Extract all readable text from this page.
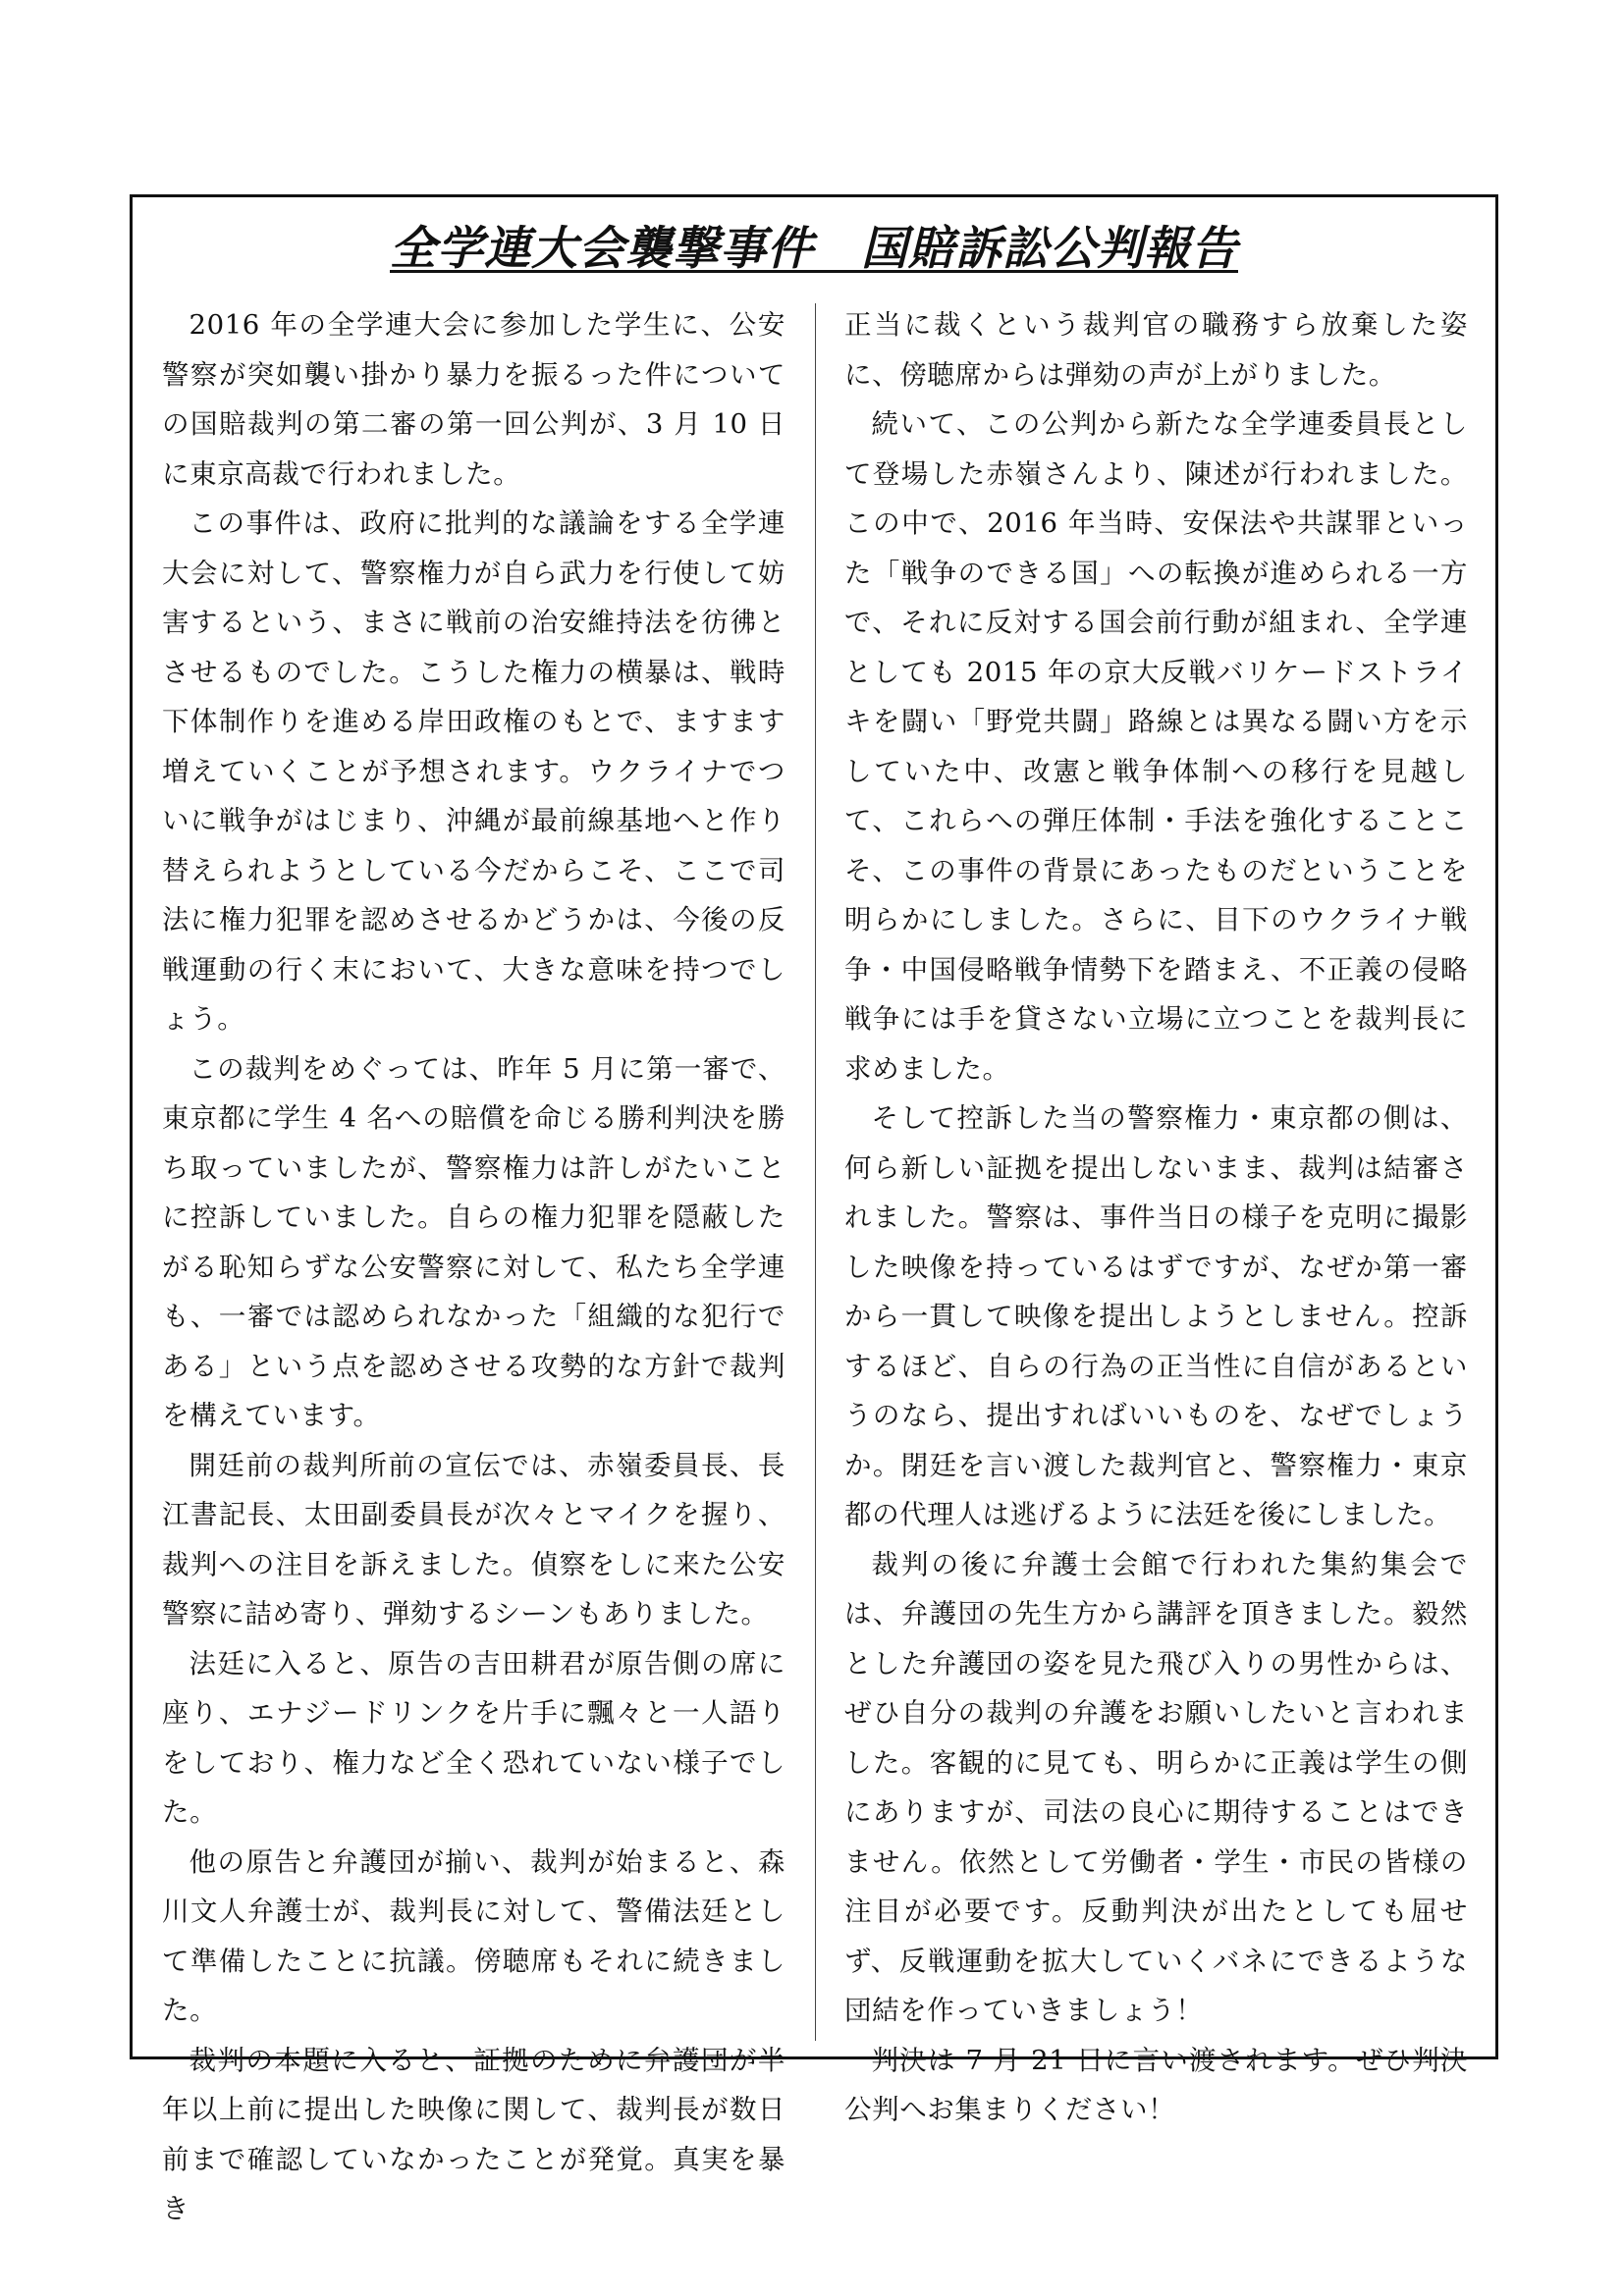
全学連大会襲撃事件　国賠訴訟公判報告

2016 年の全学連大会に参加した学生に、公安警察が突如襲い掛かり暴力を振るった件についての国賠裁判の第二審の第一回公判が、3 月 10 日に東京高裁で行われました。

この事件は、政府に批判的な議論をする全学連大会に対して、警察権力が自ら武力を行使して妨害するという、まさに戦前の治安維持法を彷彿とさせるものでした。こうした権力の横暴は、戦時下体制作りを進める岸田政権のもとで、ますます増えていくことが予想されます。ウクライナでついに戦争がはじまり、沖縄が最前線基地へと作り替えられようとしている今だからこそ、ここで司法に権力犯罪を認めさせるかどうかは、今後の反戦運動の行く末において、大きな意味を持つでしょう。

この裁判をめぐっては、昨年 5 月に第一審で、東京都に学生 4 名への賠償を命じる勝利判決を勝ち取っていましたが、警察権力は許しがたいことに控訴していました。自らの権力犯罪を隠蔽したがる恥知らずな公安警察に対して、私たち全学連も、一審では認められなかった「組織的な犯行である」という点を認めさせる攻勢的な方針で裁判を構えています。

開廷前の裁判所前の宣伝では、赤嶺委員長、長江書記長、太田副委員長が次々とマイクを握り、裁判への注目を訴えました。偵察をしに来た公安警察に詰め寄り、弾劾するシーンもありました。

法廷に入ると、原告の吉田耕君が原告側の席に座り、エナジードリンクを片手に飄々と一人語りをしており、権力など全く恐れていない様子でした。

他の原告と弁護団が揃い、裁判が始まると、森川文人弁護士が、裁判長に対して、警備法廷として準備したことに抗議。傍聴席もそれに続きました。

裁判の本題に入ると、証拠のために弁護団が半年以上前に提出した映像に関して、裁判長が数日前まで確認していなかったことが発覚。真実を暴き

正当に裁くという裁判官の職務すら放棄した姿に、傍聴席からは弾劾の声が上がりました。

続いて、この公判から新たな全学連委員長として登場した赤嶺さんより、陳述が行われました。この中で、2016 年当時、安保法や共謀罪といった「戦争のできる国」への転換が進められる一方で、それに反対する国会前行動が組まれ、全学連としても 2015 年の京大反戦バリケードストライキを闘い「野党共闘」路線とは異なる闘い方を示していた中、改憲と戦争体制への移行を見越して、これらへの弾圧体制・手法を強化することこそ、この事件の背景にあったものだということを明らかにしました。さらに、目下のウクライナ戦争・中国侵略戦争情勢下を踏まえ、不正義の侵略戦争には手を貸さない立場に立つことを裁判長に求めました。

そして控訴した当の警察権力・東京都の側は、何ら新しい証拠を提出しないまま、裁判は結審されました。警察は、事件当日の様子を克明に撮影した映像を持っているはずですが、なぜか第一審から一貫して映像を提出しようとしません。控訴するほど、自らの行為の正当性に自信があるというのなら、提出すればいいものを、なぜでしょうか。閉廷を言い渡した裁判官と、警察権力・東京都の代理人は逃げるように法廷を後にしました。

裁判の後に弁護士会館で行われた集約集会では、弁護団の先生方から講評を頂きました。毅然とした弁護団の姿を見た飛び入りの男性からは、ぜひ自分の裁判の弁護をお願いしたいと言われました。客観的に見ても、明らかに正義は学生の側にありますが、司法の良心に期待することはできません。依然として労働者・学生・市民の皆様の注目が必要です。反動判決が出たとしても屈せず、反戦運動を拡大していくバネにできるような団結を作っていきましょう！

判決は 7 月 21 日に言い渡されます。ぜひ判決公判へお集まりください！
